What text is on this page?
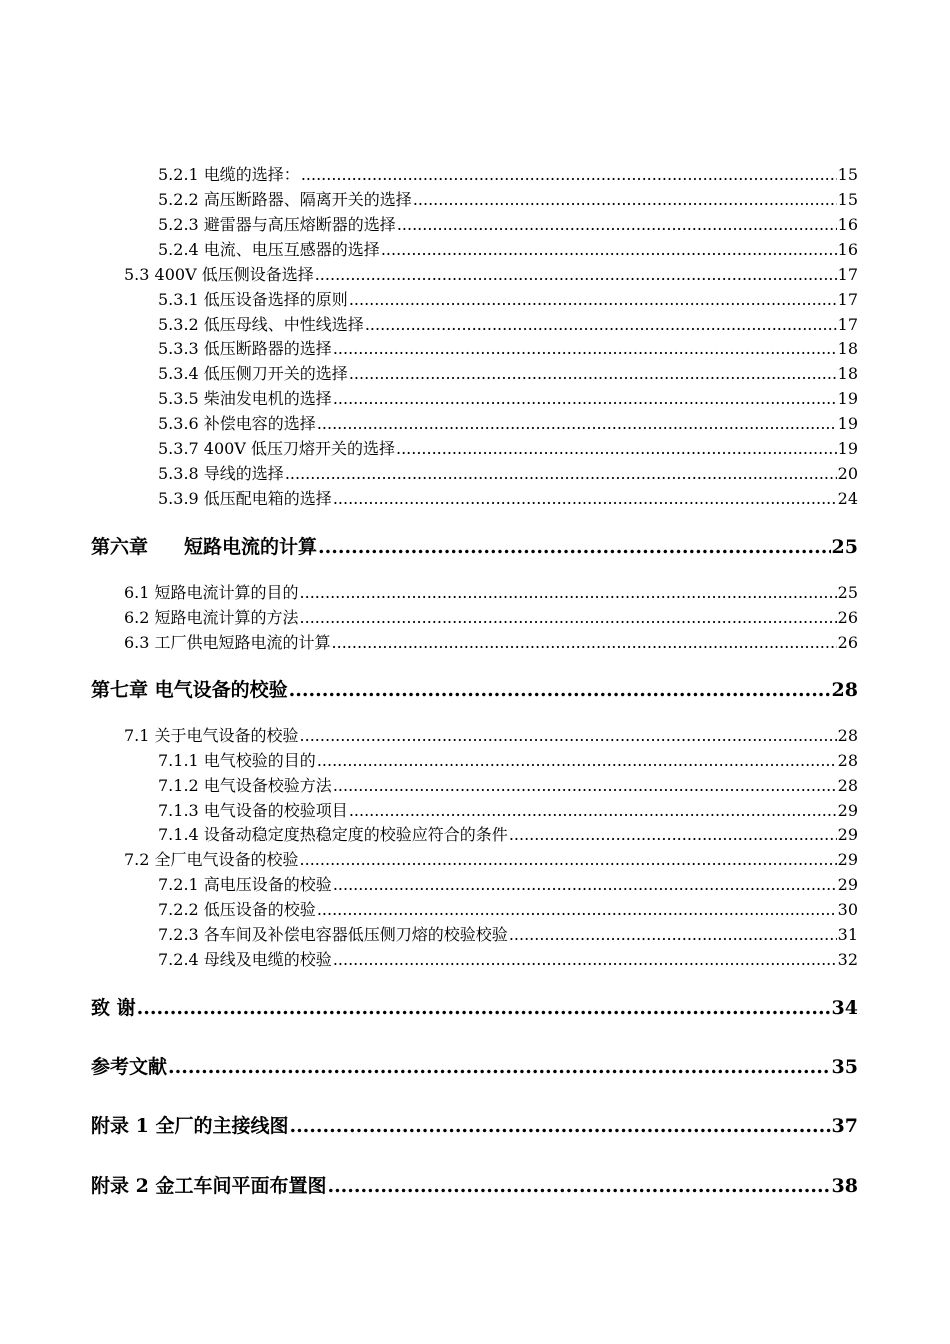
5.2.1 电缆的选择： .....	15
5.2.2 高压断路器、隔离开关的选择 .....	15
5.2.3 避雷器与高压熔断器的选择 .....	16
5.2.4 电流、电压互感器的选择 .....	16
5.3 400V 低压侧设备选择 .....	17
5.3.1 低压设备选择的原则 .....	17
5.3.2 低压母线、中性线选择 .....	17
5.3.3 低压断路器的选择 .....	18
5.3.4 低压侧刀开关的选择 .....	18
5.3.5 柴油发电机的选择 .....	19
5.3.6 补偿电容的选择 .....	19
5.3.7 400V 低压刀熔开关的选择 .....	19
5.3.8 导线的选择 .....	20
5.3.9 低压配电箱的选择 .....	24
第六章 短路电流的计算 .....	25
6.1 短路电流计算的目的 .....	25
6.2 短路电流计算的方法 .....	26
6.3 工厂供电短路电流的计算 .....	26
第七章 电气设备的校验 .....	28
7.1 关于电气设备的校验 .....	28
7.1.1 电气校验的目的 .....	28
7.1.2 电气设备校验方法 .....	28
7.1.3 电气设备的校验项目 .....	29
7.1.4 设备动稳定度热稳定度的校验应符合的条件 .....	29
7.2 全厂电气设备的校验 .....	29
7.2.1 高电压设备的校验 .....	29
7.2.2 低压设备的校验 .....	30
7.2.3 各车间及补偿电容器低压侧刀熔的校验校验 .....	31
7.2.4 母线及电缆的校验 .....	32
致 谢 .....	34
参考文献 .....	35
附录 1 全厂的主接线图 .....	37
附录 2 金工车间平面布置图 .....	38
